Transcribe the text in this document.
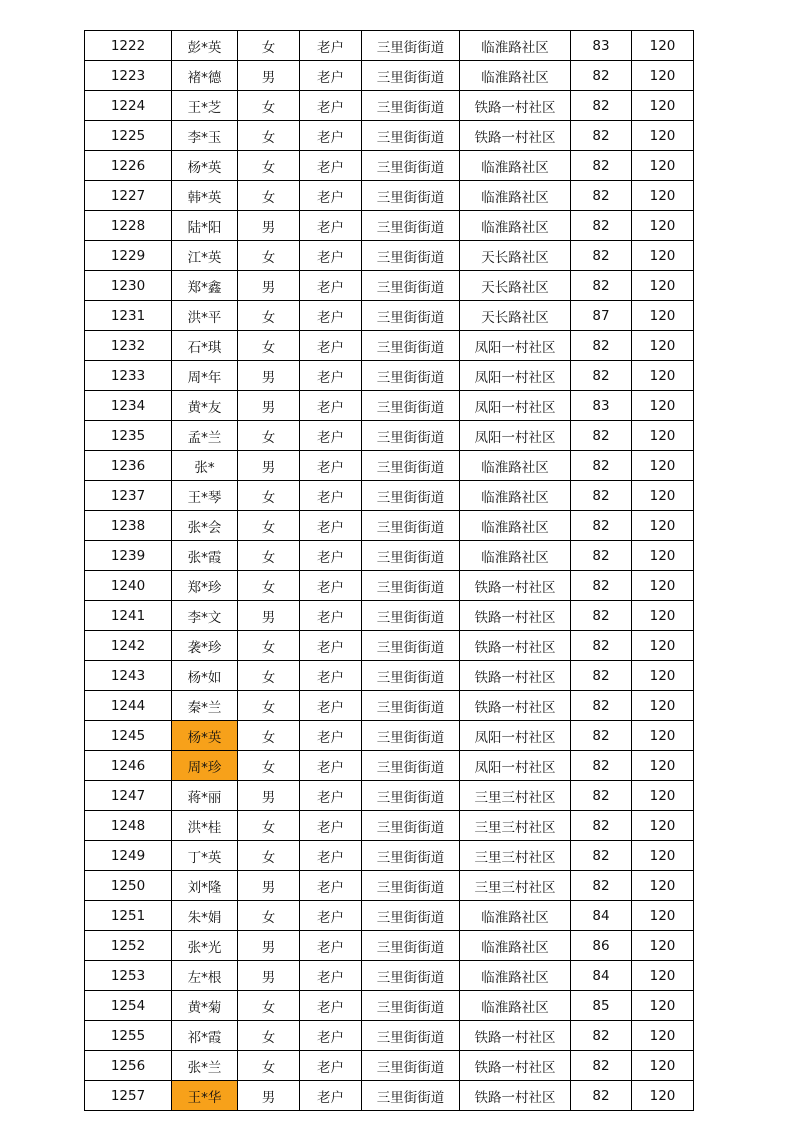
1222	彭*英	女	老户	三里街街道	临淮路社区	83	120
1223	褚*德	男	老户	三里街街道	临淮路社区	82	120
1224	王*芝	女	老户	三里街街道	铁路一村社区	82	120
1225	李*玉	女	老户	三里街街道	铁路一村社区	82	120
1226	杨*英	女	老户	三里街街道	临淮路社区	82	120
1227	韩*英	女	老户	三里街街道	临淮路社区	82	120
1228	陆*阳	男	老户	三里街街道	临淮路社区	82	120
1229	江*英	女	老户	三里街街道	天长路社区	82	120
1230	郑*鑫	男	老户	三里街街道	天长路社区	82	120
1231	洪*平	女	老户	三里街街道	天长路社区	87	120
1232	石*琪	女	老户	三里街街道	凤阳一村社区	82	120
1233	周*年	男	老户	三里街街道	凤阳一村社区	82	120
1234	黄*友	男	老户	三里街街道	凤阳一村社区	83	120
1235	孟*兰	女	老户	三里街街道	凤阳一村社区	82	120
1236	张*	男	老户	三里街街道	临淮路社区	82	120
1237	王*琴	女	老户	三里街街道	临淮路社区	82	120
1238	张*会	女	老户	三里街街道	临淮路社区	82	120
1239	张*霞	女	老户	三里街街道	临淮路社区	82	120
1240	郑*珍	女	老户	三里街街道	铁路一村社区	82	120
1241	李*文	男	老户	三里街街道	铁路一村社区	82	120
1242	袭*珍	女	老户	三里街街道	铁路一村社区	82	120
1243	杨*如	女	老户	三里街街道	铁路一村社区	82	120
1244	秦*兰	女	老户	三里街街道	铁路一村社区	82	120
1245	杨*英	女	老户	三里街街道	凤阳一村社区	82	120
1246	周*珍	女	老户	三里街街道	凤阳一村社区	82	120
1247	蒋*丽	男	老户	三里街街道	三里三村社区	82	120
1248	洪*桂	女	老户	三里街街道	三里三村社区	82	120
1249	丁*英	女	老户	三里街街道	三里三村社区	82	120
1250	刘*隆	男	老户	三里街街道	三里三村社区	82	120
1251	朱*娟	女	老户	三里街街道	临淮路社区	84	120
1252	张*光	男	老户	三里街街道	临淮路社区	86	120
1253	左*根	男	老户	三里街街道	临淮路社区	84	120
1254	黄*菊	女	老户	三里街街道	临淮路社区	85	120
1255	祁*霞	女	老户	三里街街道	铁路一村社区	82	120
1256	张*兰	女	老户	三里街街道	铁路一村社区	82	120
1257	王*华	男	老户	三里街街道	铁路一村社区	82	120
